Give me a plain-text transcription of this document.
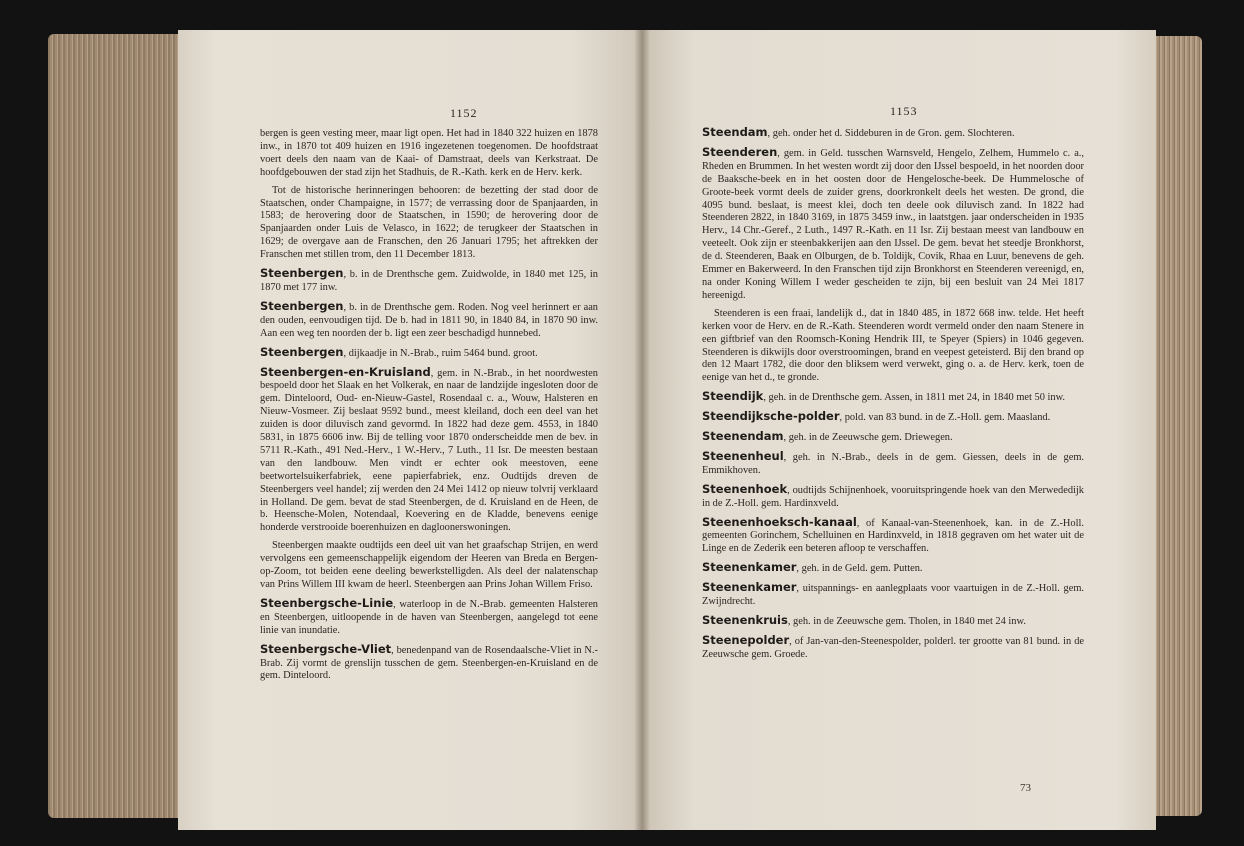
1152

bergen is geen vesting meer, maar ligt open. Het had in 1840 322 huizen en 1878 inw., in 1870 tot 409 huizen en 1916 ingezetenen toegenomen. De hoofdstraat voert deels den naam van de Kaai- of Damstraat, deels van Kerkstraat. De hoofdgebouwen der stad zijn het Stadhuis, de R.-Kath. kerk en de Herv. kerk.

Tot de historische herinneringen behooren: de bezetting der stad door de Staatschen, onder Champaigne, in 1577; de verrassing door de Spanjaarden, in 1583; de herovering door de Staatschen, in 1590; de herovering door de Spanjaarden onder Luis de Velasco, in 1622; de terugkeer der Staatschen in 1629; de overgave aan de Franschen, den 26 Januari 1795; het aftrekken der Franschen met stillen trom, den 11 December 1813.

Steenbergen, b. in de Drenthsche gem. Zuidwolde, in 1840 met 125, in 1870 met 177 inw.

Steenbergen, b. in de Drenthsche gem. Roden. Nog veel herinnert er aan den ouden, eenvoudigen tijd. De b. had in 1811 90, in 1840 84, in 1870 90 inw. Aan een weg ten noorden der b. ligt een zeer beschadigd hunnebed.

Steenbergen, dijkaadje in N.-Brab., ruim 5464 bund. groot.

Steenbergen-en-Kruisland, gem. in N.-Brab., in het noordwesten bespoeld door het Slaak en het Volkerak, en naar de landzijde ingesloten door de gem. Dinteloord, Oud- en-Nieuw-Gastel, Rosendaal c. a., Wouw, Halsteren en Nieuw-Vosmeer. Zij beslaat 9592 bund., meest kleiland, doch een deel van het zuiden is door diluvisch zand gevormd. In 1822 had deze gem. 4553, in 1840 5831, in 1875 6606 inw. Bij de telling voor 1870 onderscheidde men de bev. in 5711 R.-Kath., 491 Ned.-Herv., 1 W.-Herv., 7 Luth., 11 Isr. De meesten bestaan van den landbouw. Men vindt er echter ook meestoven, eene beetwortelsuikerfabriek, eene papierfabriek, enz. Oudtijds dreven de Steenbergers veel handel; zij werden den 24 Mei 1412 op nieuw tolvrij verklaard in Holland. De gem. bevat de stad Steenbergen, de d. Kruisland en de Heen, de b. Heensche-Molen, Notendaal, Koevering en de Kladde, benevens eenige honderde verstrooide boerenhuizen en dagloonerswoningen.

Steenbergen maakte oudtijds een deel uit van het graafschap Strijen, en werd vervolgens een gemeenschappelijk eigendom der Heeren van Breda en Bergen-op-Zoom, tot beiden eene deeling bewerkstelligden. Als deel der nalatenschap van Prins Willem III kwam de heerl. Steenbergen aan Prins Johan Willem Friso.

Steenbergsche-Linie, waterloop in de N.-Brab. gemeenten Halsteren en Steenbergen, uitloopende in de haven van Steenbergen, aangelegd tot eene linie van inundatie.

Steenbergsche-Vliet, benedenpand van de Rosendaalsche-Vliet in N.-Brab. Zij vormt de grenslijn tusschen de gem. Steenbergen-en-Kruisland en de gem. Dinteloord.

1153

Steendam, geh. onder het d. Siddeburen in de Gron. gem. Slochteren.

Steenderen, gem. in Geld. tusschen Warnsveld, Hengelo, Zelhem, Hummelo c. a., Rheden en Brummen. In het westen wordt zij door den IJssel bespoeld, in het noorden door de Baaksche-beek en in het oosten door de Hengelosche-beek. De Hummelosche of Groote-beek vormt deels de zuider grens, doorkronkelt deels het westen. De grond, die 4095 bund. beslaat, is meest klei, doch ten deele ook diluvisch zand. In 1822 had Steenderen 2822, in 1840 3169, in 1875 3459 inw., in laatstgen. jaar onderscheiden in 1935 Herv., 14 Chr.-Geref., 2 Luth., 1497 R.-Kath. en 11 Isr. Zij bestaan meest van landbouw en veeteelt. Ook zijn er steenbakkerijen aan den IJssel. De gem. bevat het steedje Bronkhorst, de d. Steenderen, Baak en Olburgen, de b. Toldijk, Covik, Rhaa en Luur, benevens de geh. Emmer en Bakerweerd. In den Franschen tijd zijn Bronkhorst en Steenderen vereenigd, en, na onder Koning Willem I weder gescheiden te zijn, bij een besluit van 24 Mei 1817 hereenigd.

Steenderen is een fraai, landelijk d., dat in 1840 485, in 1872 668 inw. telde. Het heeft kerken voor de Herv. en de R.-Kath. Steenderen wordt vermeld onder den naam Stenere in een giftbrief van den Roomsch-Koning Hendrik III, te Speyer (Spiers) in 1046 gegeven. Steenderen is dikwijls door overstroomingen, brand en veepest geteisterd. Bij den brand op den 12 Maart 1782, die door den bliksem werd verwekt, ging o. a. de Herv. kerk, toen de eenige van het d., te gronde.

Steendijk, geh. in de Drenthsche gem. Assen, in 1811 met 24, in 1840 met 50 inw.

Steendijksche-polder, pold. van 83 bund. in de Z.-Holl. gem. Maasland.

Steenendam, geh. in de Zeeuwsche gem. Driewegen.

Steenenheul, geh. in N.-Brab., deels in de gem. Giessen, deels in de gem. Emmikhoven.

Steenenhoek, oudtijds Schijnenhoek, vooruitspringende hoek van den Merwededijk in de Z.-Holl. gem. Hardinxveld.

Steenenhoeksch-kanaal, of Kanaal-van-Steenenhoek, kan. in de Z.-Holl. gemeenten Gorinchem, Schelluinen en Hardinxveld, in 1818 gegraven om het water uit de Linge en de Zederik een beteren afloop te verschaffen.

Steenenkamer, geh. in de Geld. gem. Putten.

Steenenkamer, uitspannings- en aanlegplaats voor vaartuigen in de Z.-Holl. gem. Zwijndrecht.

Steenenkruis, geh. in de Zeeuwsche gem. Tholen, in 1840 met 24 inw.

Steenepolder, of Jan-van-den-Steenespolder, polderl. ter grootte van 81 bund. in de Zeeuwsche gem. Groede.

73
